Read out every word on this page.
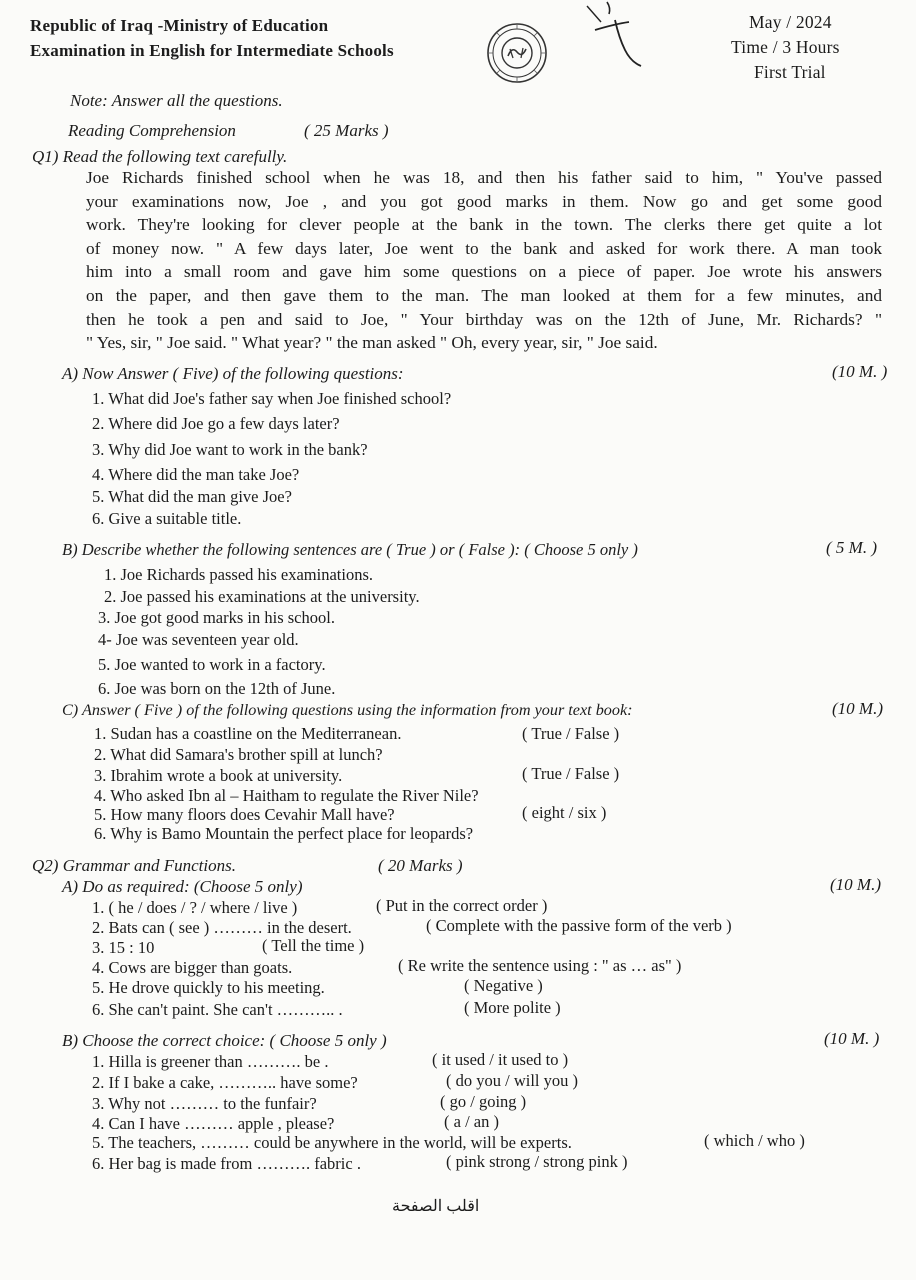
Republic of Iraq -Ministry of Education
Examination in English for Intermediate Schools
May / 2024
Time / 3 Hours
First Trial
Note: Answer all the questions.
Reading Comprehension	( 25 Marks )
Q1) Read the following text carefully.
Joe Richards finished school when he was 18, and then his father said to him, " You've passed
your examinations now, Joe , and you got good marks in them. Now go and get some good
work. They're looking for clever people at the bank in the town. The clerks there get quite a lot
of money now. " A few days later, Joe went to the bank and asked for work there. A man took
him into a small room and gave him some questions on a piece of paper. Joe wrote his answers
on the paper, and then gave them to the man. The man looked at them for a few minutes, and
then he took a pen and said to Joe, " Your birthday was on the 12th of June, Mr. Richards? "
" Yes, sir, " Joe said. " What year? " the man asked " Oh, every year, sir, " Joe said.
A) Now Answer ( Five) of the following questions:	(10 M. )
1. What did Joe's father say when Joe finished school?
2. Where did Joe go a few days later?
3. Why did Joe want to work in the bank?
4. Where did the man take Joe?
5. What did the man give Joe?
6. Give a suitable title.
B) Describe whether the following sentences are ( True ) or ( False ): ( Choose 5 only )	( 5 M. )
1. Joe Richards passed his examinations.
2. Joe passed his examinations at the university.
3. Joe got good marks in his school.
4- Joe was seventeen year old.
5. Joe wanted to work in a factory.
6. Joe was born on the 12th of June.
C) Answer ( Five ) of the following questions using the information from your text book:	(10 M.)
1. Sudan has a coastline on the Mediterranean.	( True / False )
2. What did Samara's brother spill at lunch?
3. Ibrahim wrote a book at university.	( True / False )
4. Who asked Ibn al – Haitham to regulate the River Nile?
5. How many floors does Cevahir Mall have?	( eight / six )
6. Why is Bamo Mountain the perfect place for leopards?
Q2) Grammar and Functions.	( 20 Marks )
A) Do as required: (Choose 5 only)	(10 M.)
1. ( he / does / ? / where / live )	( Put in the correct order )
2. Bats can ( see ) ……… in the desert.	( Complete with the passive form of the verb )
3. 15 : 10	( Tell the time )
4. Cows are bigger than goats.	( Re write the sentence using : " as … as" )
5. He drove quickly to his meeting.	( Negative )
6. She can't paint. She can't ……….. .	( More polite )
B) Choose the correct choice: ( Choose 5 only )	(10 M. )
1. Hilla is greener than ………. be .	( it used / it used to )
2. If I bake a cake, ……….. have some?	( do you / will you )
3. Why not ……… to the funfair?	( go / going )
4. Can I have ……… apple , please?	( a / an )
5. The teachers, ……… could be anywhere in the world, will be experts.	( which / who )
6. Her bag is made from ………. fabric .	( pink strong / strong pink )
اقلب الصفحة
